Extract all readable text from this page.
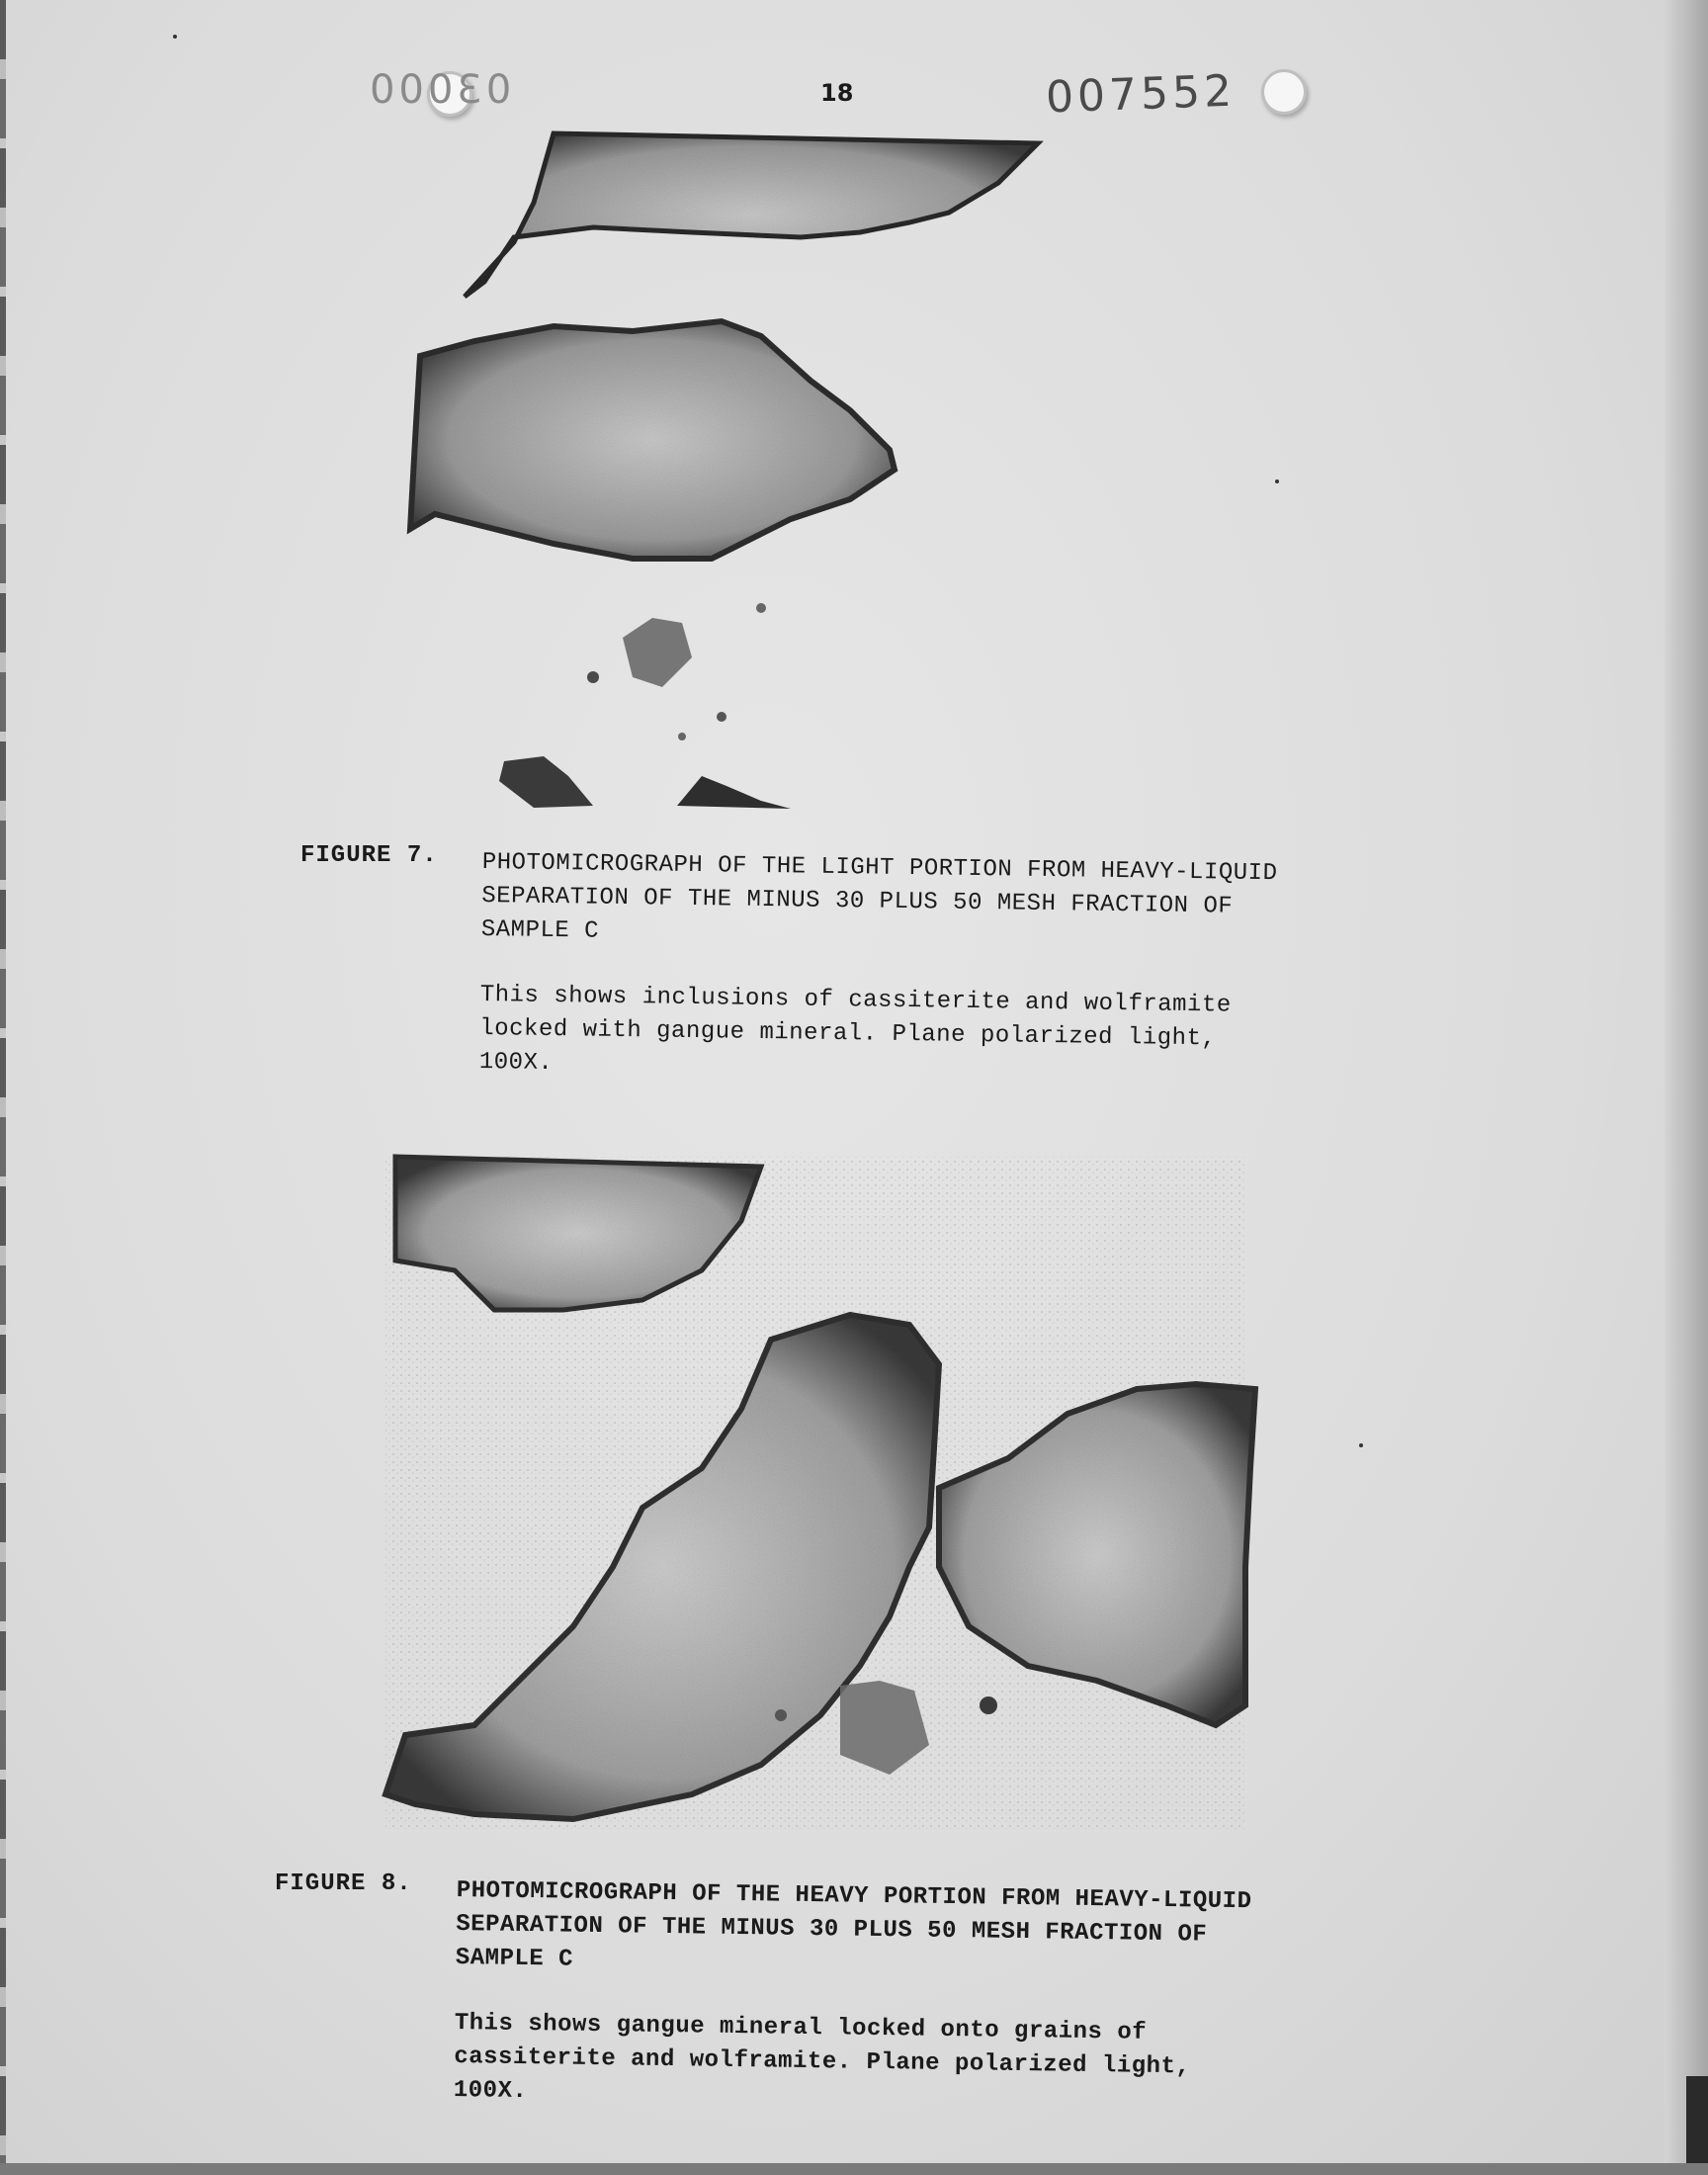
03000	18	007552
FIGURE 7. PHOTOMICROGRAPH OF THE LIGHT PORTION FROM HEAVY-LIQUID
SEPARATION OF THE MINUS 30 PLUS 50 MESH FRACTION OF
SAMPLE C
This shows inclusions of cassiterite and wolframite
locked with gangue mineral. Plane polarized light,
100X.
FIGURE 8. PHOTOMICROGRAPH OF THE HEAVY PORTION FROM HEAVY-LIQUID
SEPARATION OF THE MINUS 30 PLUS 50 MESH FRACTION OF
SAMPLE C
This shows gangue mineral locked onto grains of
cassiterite and wolframite. Plane polarized light,
100X.
